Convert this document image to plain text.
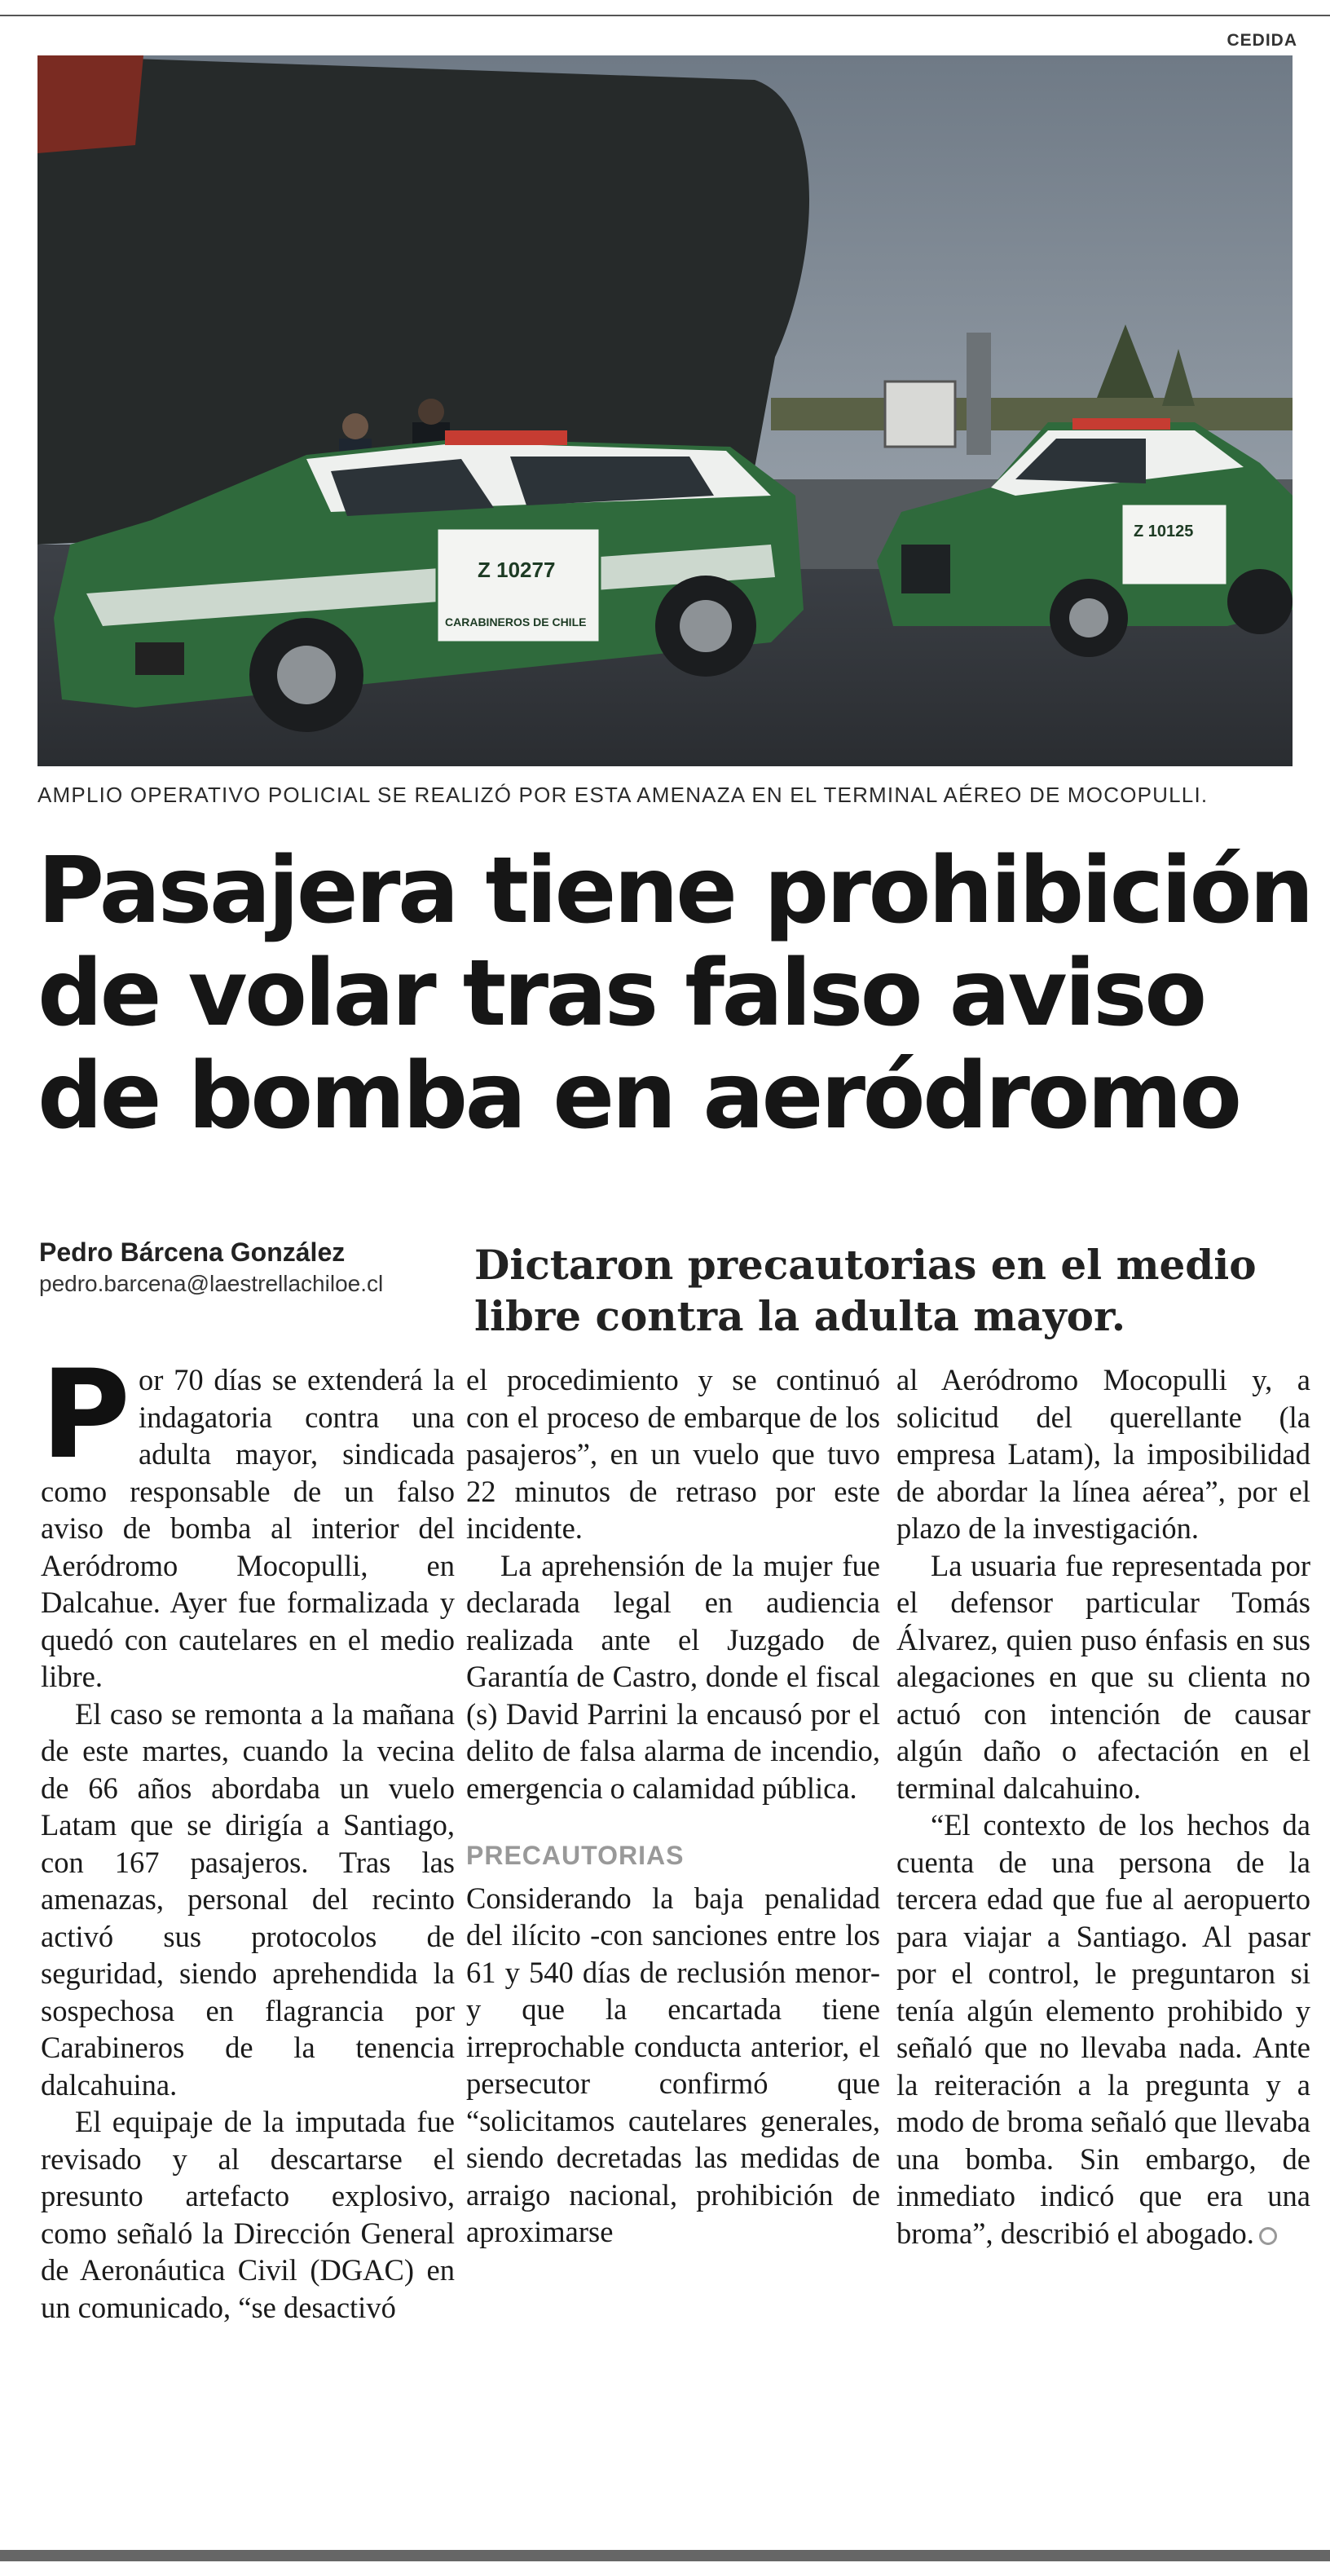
CEDIDA
Z 10277
CARABINEROS DE CHILE
Z 10125
AMPLIO OPERATIVO POLICIAL SE REALIZÓ POR ESTA AMENAZA EN EL TERMINAL AÉREO DE MOCOPULLI.
Pasajera tiene prohibición
de volar tras falso aviso
de bomba en aeródromo
Pedro Bárcena González
pedro.barcena@laestrellachiloe.cl Dictaron precautorias en el medio libre contra la adulta mayor.

Por 70 días se extenderá la indagatoria contra una adulta mayor, sindicada como responsable de un falso aviso de bomba al interior del Aeródromo Mocopulli, en Dalcahue. Ayer fue formalizada y quedó con cautelares en el medio libre.

El caso se remonta a la mañana de este martes, cuando la vecina de 66 años abordaba un vuelo Latam que se dirigía a Santiago, con 167 pasajeros. Tras las amenazas, personal del recinto activó sus protocolos de seguridad, siendo aprehendida la sospechosa en flagrancia por Carabineros de la tenencia dalcahuina.

El equipaje de la imputada fue revisado y al descartarse el presunto artefacto explosivo, como señaló la Dirección General de Aeronáutica Civil (DGAC) en un comunicado, “se desactivó

el procedimiento y se continuó con el proceso de embarque de los pasajeros”, en un vuelo que tuvo 22 minutos de retraso por este incidente.

La aprehensión de la mujer fue declarada legal en audiencia realizada ante el Juzgado de Garantía de Castro, donde el fiscal (s) David Parrini la encausó por el delito de falsa alarma de incendio, emergencia o calamidad pública.

PRECAUTORIAS

Considerando la baja penalidad del ilícito -con sanciones entre los 61 y 540 días de reclusión menor- y que la encartada tiene irreprochable conducta anterior, el persecutor confirmó que “solicitamos cautelares generales, siendo decretadas las medidas de arraigo nacional, prohibición de aproximarse

al Aeródromo Mocopulli y, a solicitud del querellante (la empresa Latam), la imposibilidad de abordar la línea aérea”, por el plazo de la investigación.

La usuaria fue representada por el defensor particular Tomás Álvarez, quien puso énfasis en sus alegaciones en que su clienta no actuó con intención de causar algún daño o afectación en el terminal dalcahuino.

“El contexto de los hechos da cuenta de una persona de la tercera edad que fue al aeropuerto para viajar a Santiago. Al pasar por el control, le preguntaron si tenía algún elemento prohibido y señaló que no llevaba nada. Ante la reiteración a la pregunta y a modo de broma señaló que llevaba una bomba. Sin embargo, de inmediato indicó que era una broma”, describió el abogado.
